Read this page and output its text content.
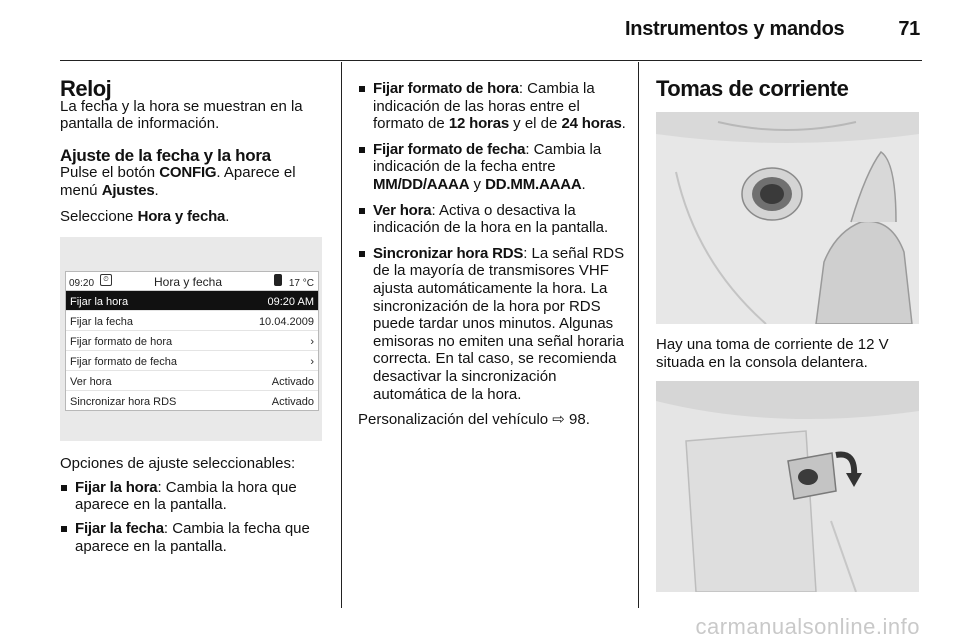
Instrumentos y mandos	71
Reloj

La fecha y la hora se muestran en la pantalla de información.

Ajuste de la fecha y la hora

Pulse el botón CONFIG. Aparece el menú Ajustes.

Seleccione Hora y fecha.

09:20	⏲	Hora y fecha	17 °C
Fijar la hora	09:20 AM
Fijar la fecha	10.04.2009
Fijar formato de hora	›
Fijar formato de fecha	›
Ver hora	Activado
Sincronizar hora RDS	Activado

Opciones de ajuste seleccionables:

Fijar la hora: Cambia la hora que aparece en la pantalla.

Fijar la fecha: Cambia la fecha que aparece en la pantalla.

Fijar formato de hora: Cambia la indicación de las horas entre el formato de 12 horas y el de 24 horas.

Fijar formato de fecha: Cambia la indicación de la fecha entre MM/DD/AAAA y DD.MM.AAAA.

Ver hora: Activa o desactiva la indicación de la hora en la pantalla.

Sincronizar hora RDS: La señal RDS de la mayoría de transmisores VHF ajusta automáticamente la hora. La sincronización de la hora por RDS puede tardar unos minutos. Algunas emisoras no emiten una señal horaria correcta. En tal caso, se recomienda desactivar la sincronización automática de la hora.

Personalización del vehículo ⇨ 98.

Tomas de corriente

Hay una toma de corriente de 12 V situada en la consola delantera.

carmanualsonline.info
